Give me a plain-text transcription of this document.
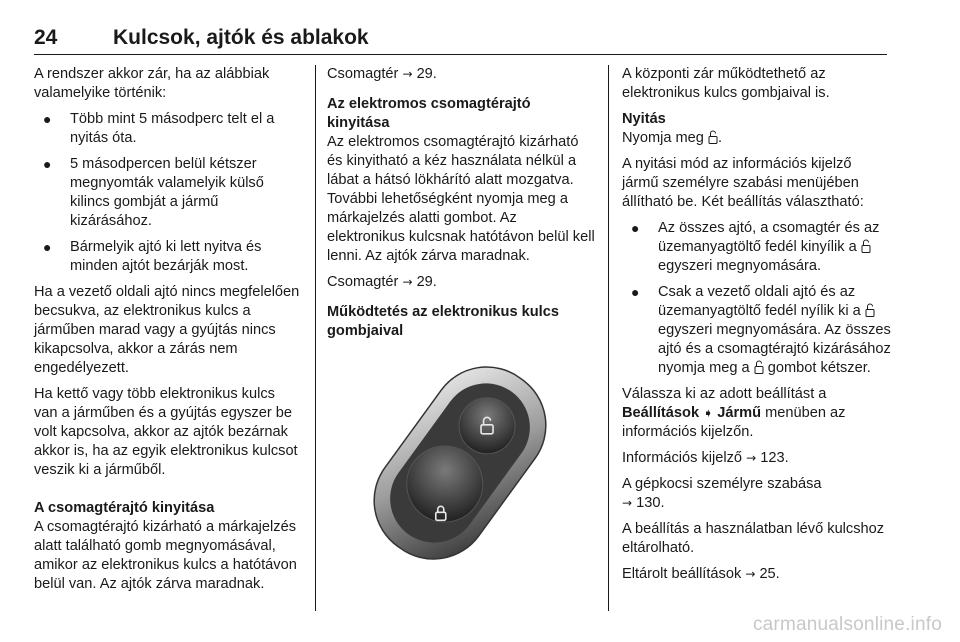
24	Kulcsok, ajtók és ablakok

A rendszer akkor zár, ha az alábbiak valamelyike történik:

● Több mint 5 másodperc telt el a nyitás óta.
● 5 másodpercen belül kétszer megnyomták valamelyik külső kilincs gombját a jármű kizárásához.
● Bármelyik ajtó ki lett nyitva és minden ajtót bezárják most.

Ha a vezető oldali ajtó nincs megfelelően becsukva, az elektronikus kulcs a járműben marad vagy a gyújtás nincs kikapcsolva, akkor a zárás nem engedélyezett.

Ha kettő vagy több elektronikus kulcs van a járműben és a gyújtás egyszer be volt kapcsolva, akkor az ajtók bezárnak akkor is, ha az egyik elektronikus kulcsot veszik ki a járműből.

A csomagtérajtó kinyitása

A csomagtérajtó kizárható a márkajelzés alatt található gomb megnyomásával, amikor az elektronikus kulcs a hatótávon belül van. Az ajtók zárva maradnak.

Csomagtér → 29.

Az elektromos csomagtérajtó kinyitása

Az elektromos csomagtérajtó kizárható és kinyitható a kéz használata nélkül a lábat a hátsó lökhárító alatt mozgatva. További lehetőségként nyomja meg a márkajelzés alatti gombot. Az elektronikus kulcsnak hatótávon belül kell lenni. Az ajtók zárva maradnak.

Csomagtér → 29.

Működtetés az elektronikus kulcs gombjaival

A központi zár működtethető az elektronikus kulcs gombjaival is.

Nyitás

Nyomja meg .

A nyitási mód az információs kijelző jármű személyre szabási menüjében állítható be. Két beállítás választható:

● Az összes ajtó, a csomagtér és az üzemanyagtöltő fedél kinyílik a  egyszeri megnyomására.
● Csak a vezető oldali ajtó és az üzemanyagtöltő fedél nyílik ki a  egyszeri megnyomására. Az összes ajtó és a csomagtérajtó kizárásához nyomja meg a gombot kétszer.

Válassza ki az adott beállítást a Beállítások ➧ Jármű menüben az információs kijelzőn.

Információs kijelző → 123.

A gépkocsi személyre szabása
→ 130.

A beállítás a használatban lévő kulcshoz eltárolható.

Eltárolt beállítások → 25.

carmanualsonline.info
